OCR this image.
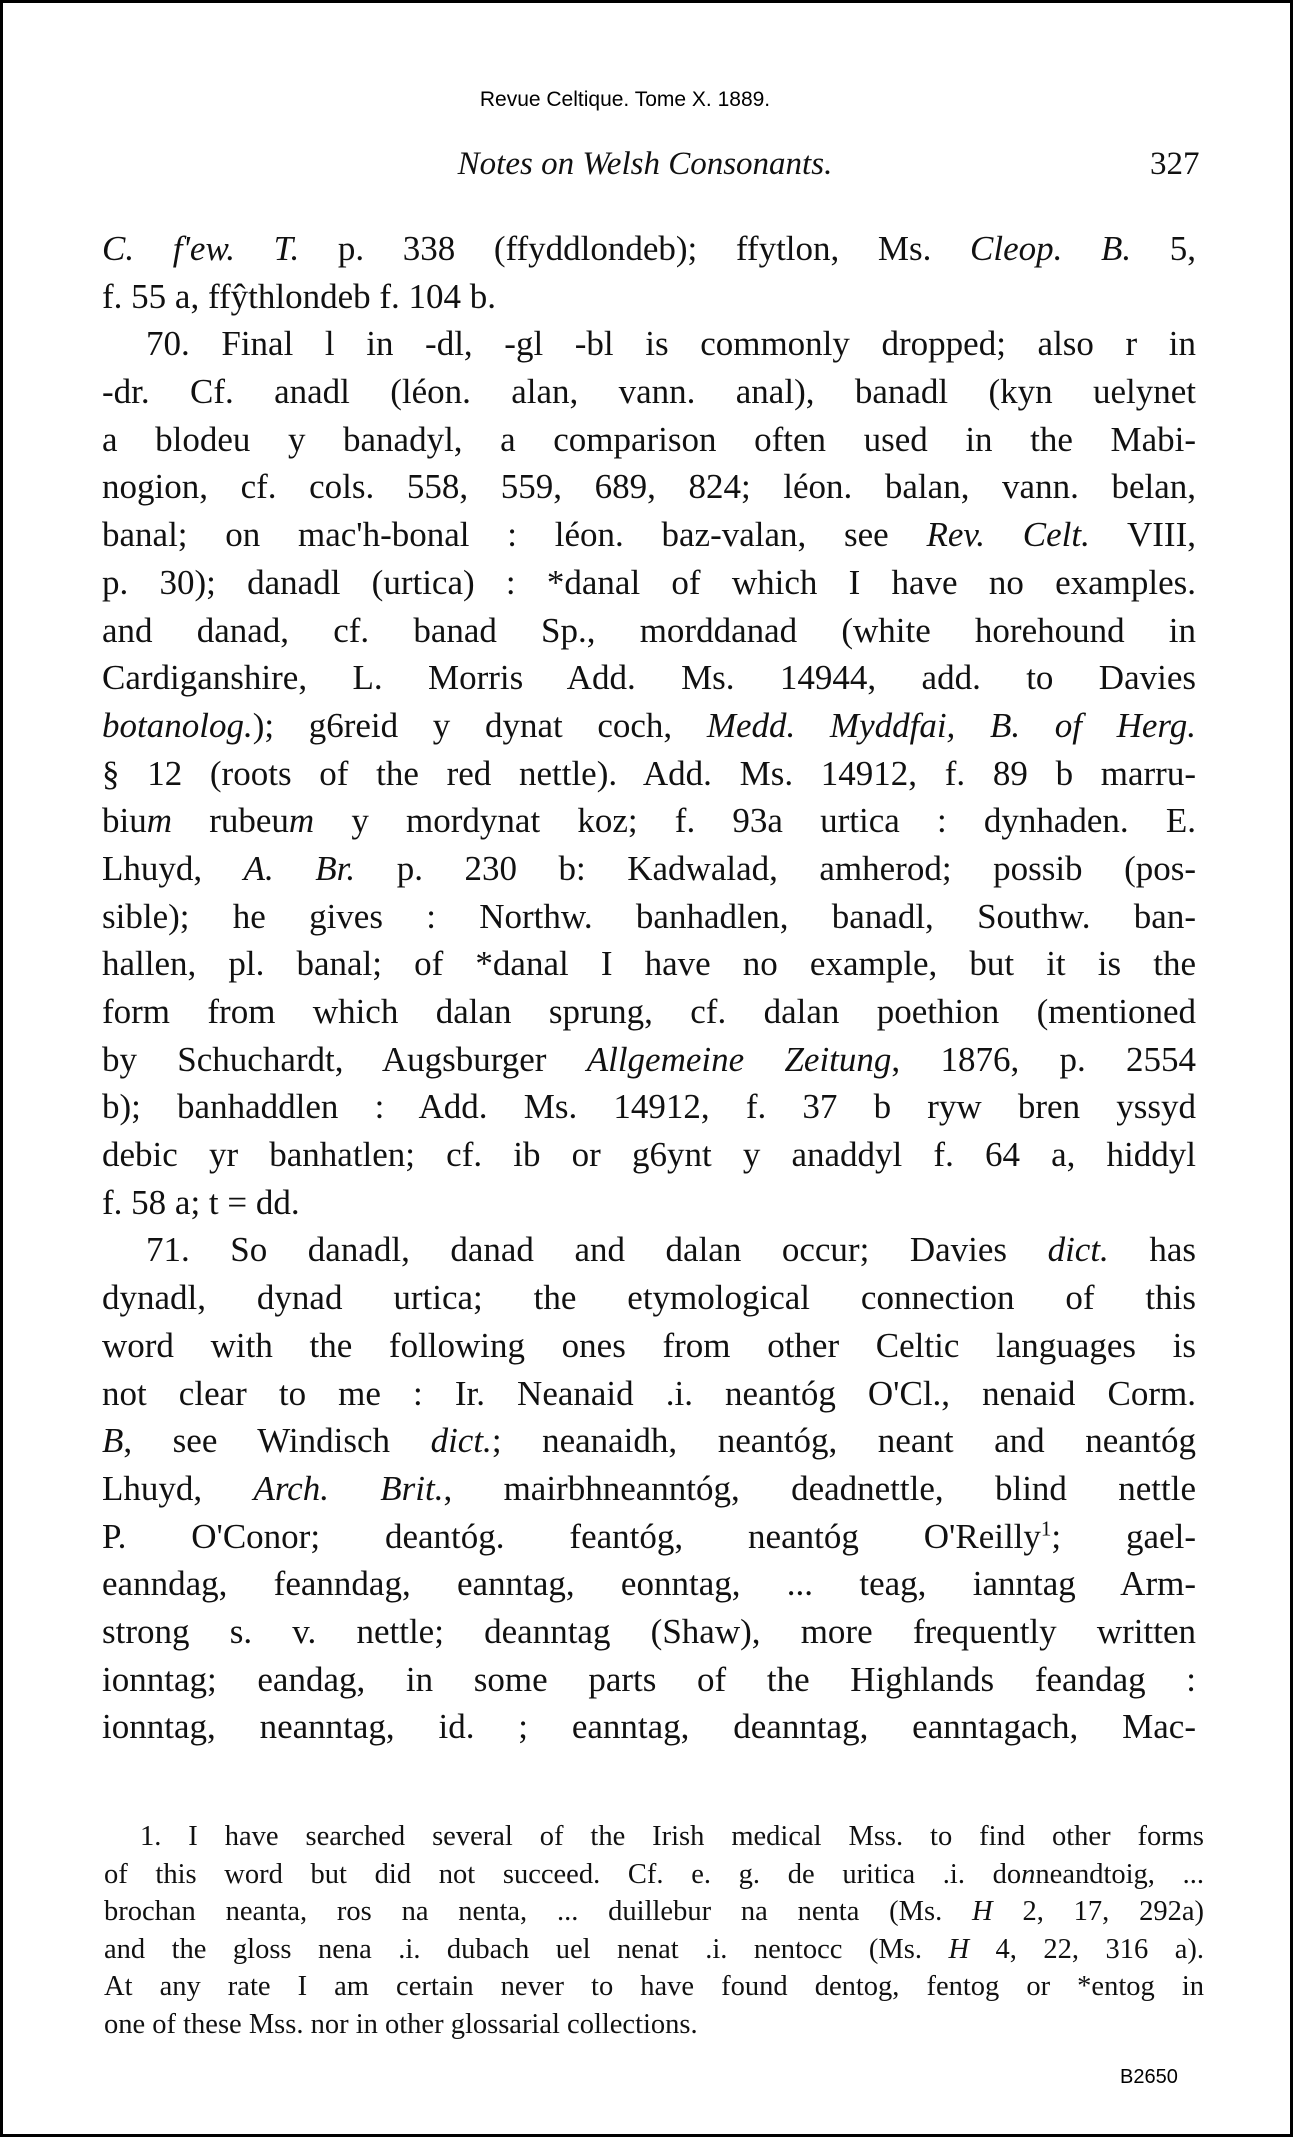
Revue Celtique. Tome X. 1889.
Notes on Welsh Consonants.	327
C. f'ew. T. p. 338 (ffyddlondeb); ffytlon, Ms. Cleop. B. 5,
f. 55 a, ffŷthlondeb f. 104 b.
70. Final l in -dl, -gl -bl is commonly dropped; also r in
-dr. Cf. anadl (léon. alan, vann. anal), banadl (kyn uelynet
a blodeu y banadyl, a comparison often used in the Mabi-
nogion, cf. cols. 558, 559, 689, 824; léon. balan, vann. belan,
banal; on mac'h-bonal : léon. baz-valan, see Rev. Celt. VIII,
p. 30); danadl (urtica) : *danal of which I have no examples.
and danad, cf. banad Sp., morddanad (white horehound in
Cardiganshire, L. Morris Add. Ms. 14944, add. to Davies
botanolog.); g6reid y dynat coch, Medd. Myddfai, B. of Herg.
§ 12 (roots of the red nettle). Add. Ms. 14912, f. 89 b marru-
bium rubeum y mordynat koz; f. 93a urtica : dynhaden. E.
Lhuyd, A. Br. p. 230 b: Kadwalad, amherod; possib (pos-
sible); he gives : Northw. banhadlen, banadl, Southw. ban-
hallen, pl. banal; of *danal I have no example, but it is the
form from which dalan sprung, cf. dalan poethion (mentioned
by Schuchardt, Augsburger Allgemeine Zeitung, 1876, p. 2554
b); banhaddlen : Add. Ms. 14912, f. 37 b ryw bren yssyd
debic yr banhatlen; cf. ib or g6ynt y anaddyl f. 64 a, hiddyl
f. 58 a; t = dd.
71. So danadl, danad and dalan occur; Davies dict. has
dynadl, dynad urtica; the etymological connection of this
word with the following ones from other Celtic languages is
not clear to me : Ir. Neanaid .i. neantóg O'Cl., nenaid Corm.
B, see Windisch dict.; neanaidh, neantóg, neant and neantóg
Lhuyd, Arch. Brit., mairbhneanntóg, deadnettle, blind nettle
P. O'Conor; deantóg. feantóg, neantóg O'Reilly$^1$; gael-
eanndag, feanndag, eanntag, eonntag, ... teag, ianntag Arm-
strong s. v. nettle; deanntag (Shaw), more frequently written
ionntag; eandag, in some parts of the Highlands feandag :
ionntag, neanntag, id. ; eanntag, deanntag, eanntagach, Mac-
1. I have searched several of the Irish medical Mss. to find other forms
of this word but did not succeed. Cf. e. g. de uritica .i. donneandtoig, ...
brochan neanta, ros na nenta, ... duillebur na nenta (Ms. H 2, 17, 292a)
and the gloss nena .i. dubach uel nenat .i. nentocc (Ms. H 4, 22, 316 a).
At any rate I am certain never to have found dentog, fentog or *entog in
one of these Mss. nor in other glossarial collections.
B2650
